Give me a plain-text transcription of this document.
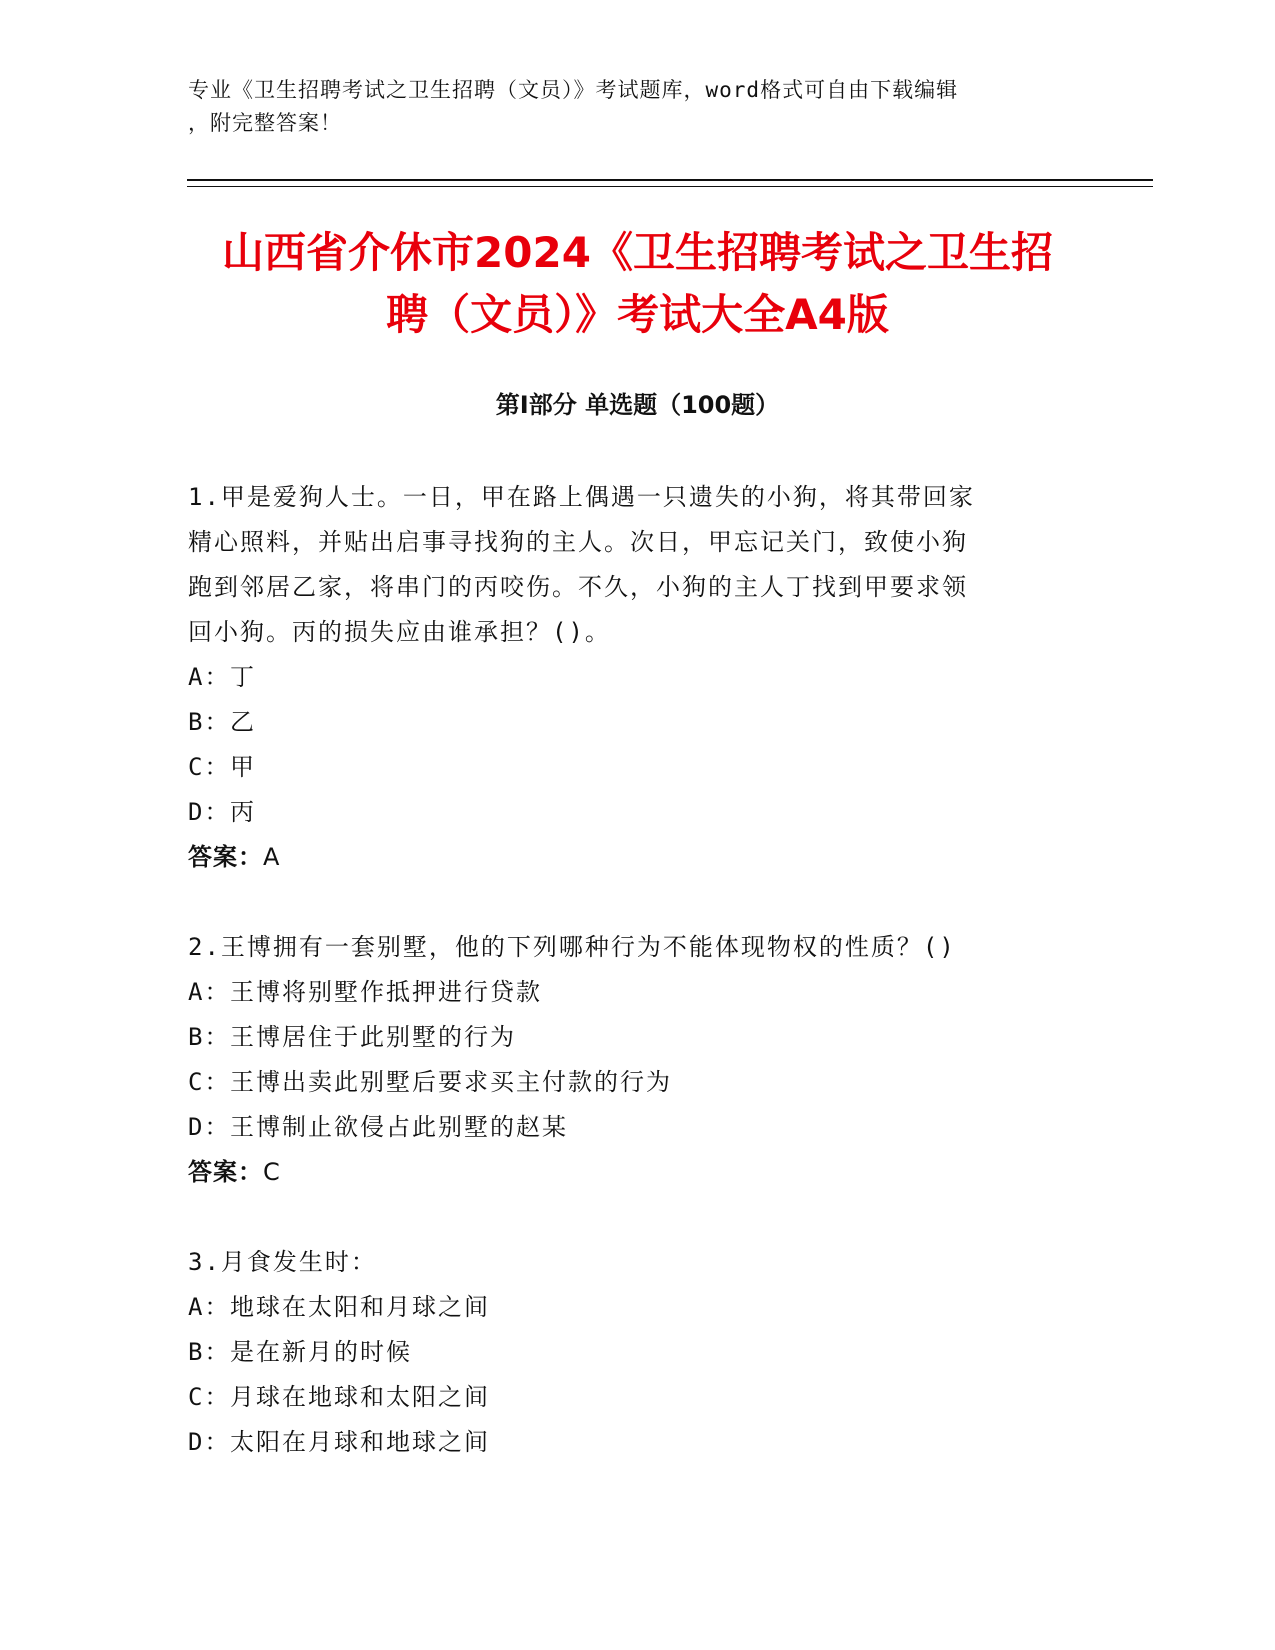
专业《卫生招聘考试之卫生招聘（文员）》考试题库，word格式可自由下载编辑
，附完整答案！
山西省介休市2024《卫生招聘考试之卫生招
聘（文员）》考试大全A4版
第Ⅰ部分 单选题（100题）
1.甲是爱狗人士。一日，甲在路上偶遇一只遗失的小狗，将其带回家
精心照料，并贴出启事寻找狗的主人。次日，甲忘记关门，致使小狗
跑到邻居乙家，将串门的丙咬伤。不久，小狗的主人丁找到甲要求领
回小狗。丙的损失应由谁承担？()。
A：丁
B：乙
C：甲
D：丙
答案：A
2.王博拥有一套别墅，他的下列哪种行为不能体现物权的性质？()
A：王博将别墅作抵押进行贷款
B：王博居住于此别墅的行为
C：王博出卖此别墅后要求买主付款的行为
D：王博制止欲侵占此别墅的赵某
答案：C
3.月食发生时：
A：地球在太阳和月球之间
B：是在新月的时候
C：月球在地球和太阳之间
D：太阳在月球和地球之间
